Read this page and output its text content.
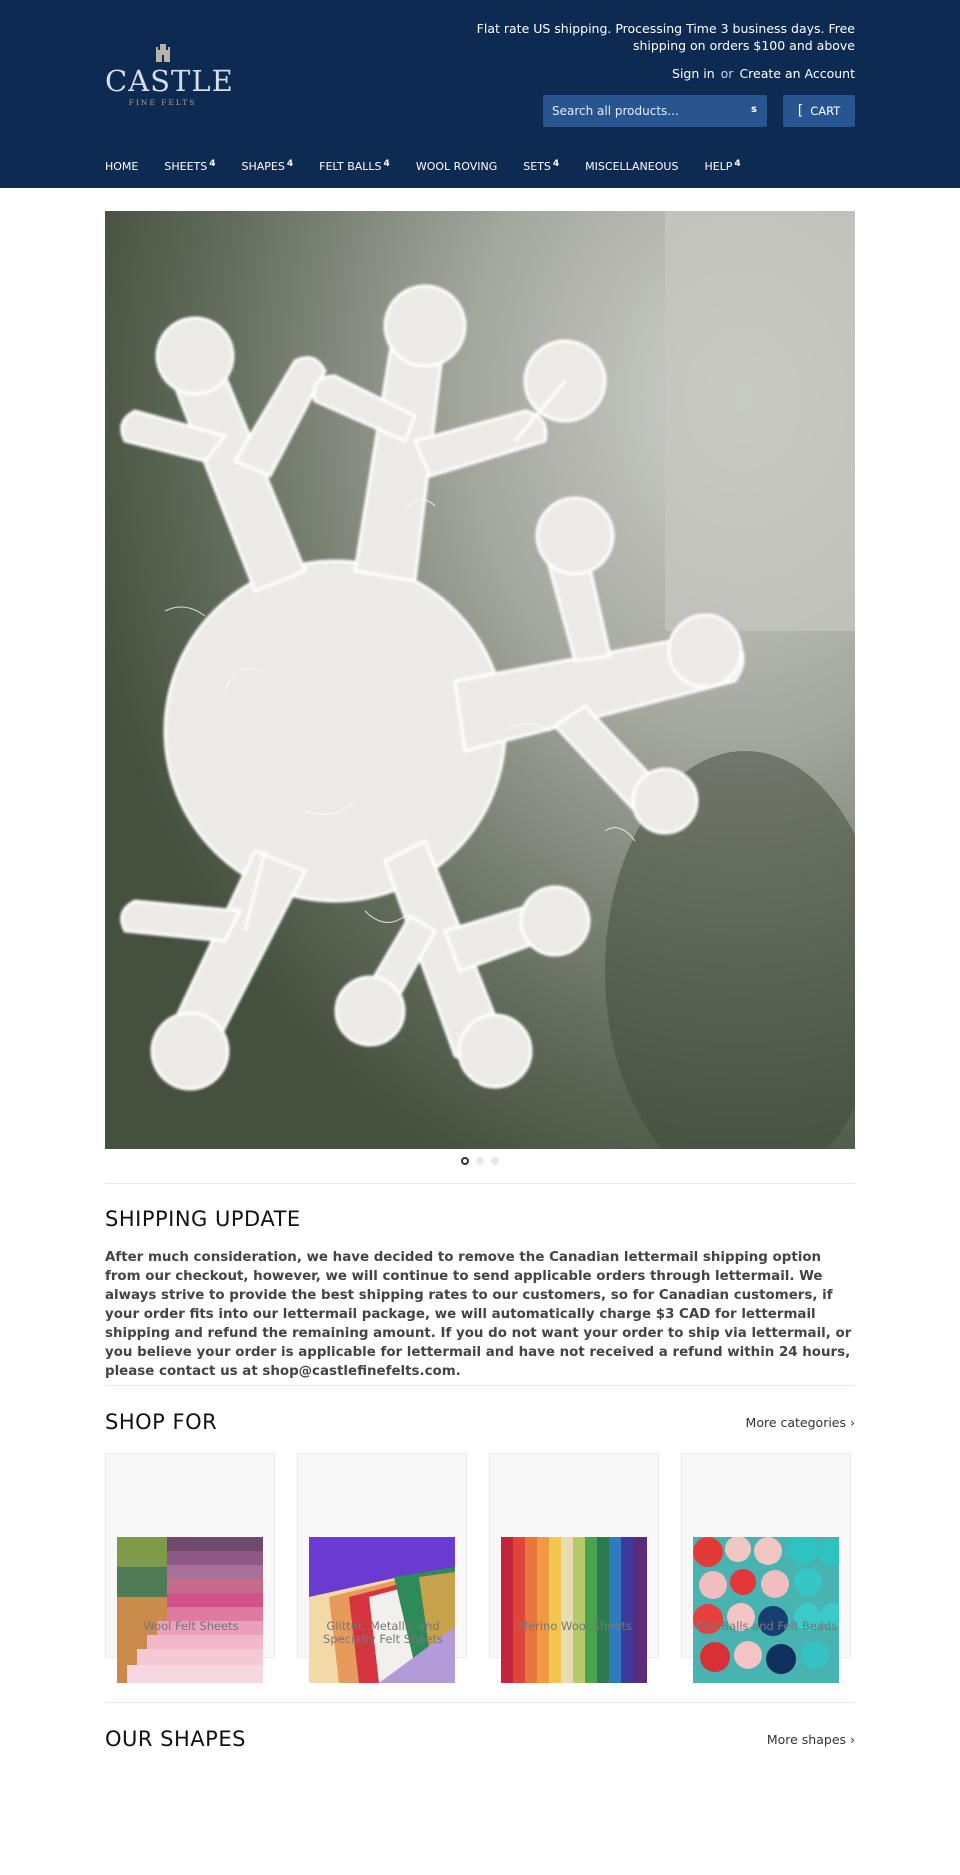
CASTLE
FINE FELTS
Flat rate US shipping. Processing Time 3 business days. Free shipping on orders $100 and above
Sign in or Create an Account
Search all products...
s	[ CART
HOME SHEETS$^4$ SHAPES$^4$ FELT BALLS$^4$ WOOL ROVING SETS$^4$ MISCELLANEOUS HELP$^4$
SHIPPING UPDATE
After much consideration, we have decided to remove the Canadian lettermail shipping option from our checkout, however, we will continue to send applicable orders through lettermail. We always strive to provide the best shipping rates to our customers, so for Canadian customers, if your order fits into our lettermail package, we will automatically charge $3 CAD for lettermail shipping and refund the remaining amount. If you do not want your order to ship via lettermail, or you believe your order is applicable for lettermail and have not received a refund within 24 hours, please contact us at shop@castlefinefelts.com.
SHOP FOR	More categories ›
Wool Felt Sheets	Glitter, Metallic and Specialty Felt Sheets
Merino Wool Sheets	Felt Balls and Felt Beads
OUR SHAPES	More shapes ›
